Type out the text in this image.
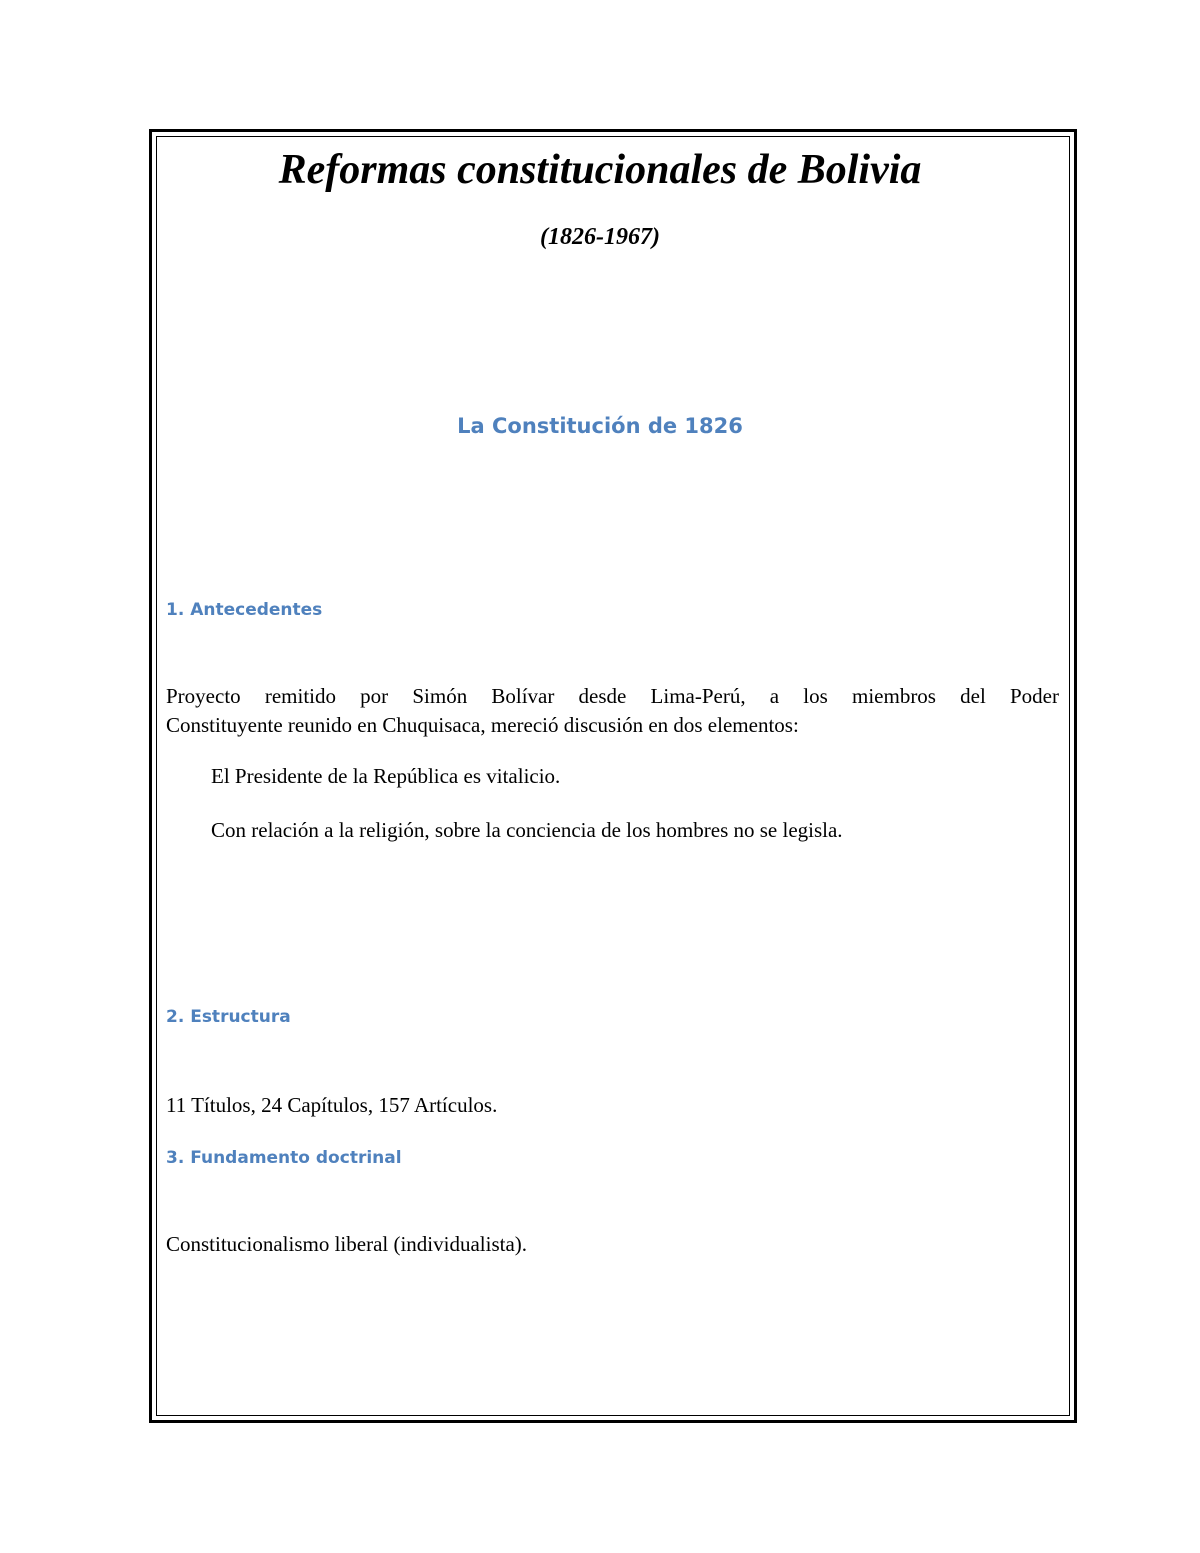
Reformas constitucionales de Bolivia

(1826-1967)

La Constitución de 1826
1. Antecedentes
Proyecto remitido por Simón Bolívar desde Lima-Perú, a los miembros del Poder
Constituyente reunido en Chuquisaca, mereció discusión en dos elementos:

El Presidente de la República es vitalicio.

Con relación a la religión, sobre la conciencia de los hombres no se legisla.

2. Estructura

11 Títulos, 24 Capítulos, 157 Artículos.

3. Fundamento doctrinal

Constitucionalismo liberal (individualista).
